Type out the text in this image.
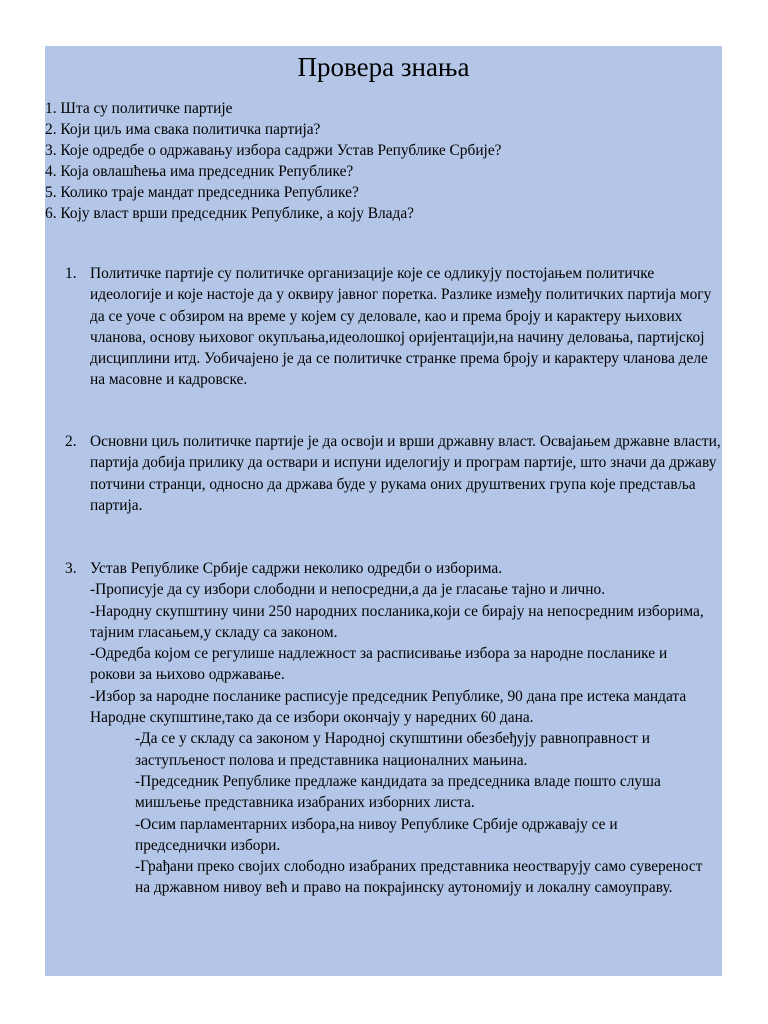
Провера знања
1. Шта су политичке партије
2. Који циљ има свака политичка партија?
3. Које одредбе о одржавању избора садржи Устав Републике Србије?
4. Која овлашћења има председник Републике?
5. Колико траје мандат председника Републике?
6. Коју власт врши председник Републике, а коју Влада?
1. Политичке партије су политичке организације које се одликују постојањем политичке идеологије и које настоје да у оквиру јавног поретка. Разлике између политичких партија могу да се уоче с обзиром на време у којем су деловале, као и према броју и карактеру њихових чланова, основу њиховог окупљања,идеолошкој оријентацији,на начину деловања, партијској дисциплини итд. Уобичајено је да се политичке странке према броју и карактеру чланова деле на масовне и кадровске.

2. Основни циљ политичке партије је да освоји и врши државну власт. Освајањем државне власти, партија добија прилику да оствари и испуни иделогију и програм партије, што значи да државу потчини странци, односно да држава буде у рукама оних друштвених група које представља партија.

3. Устав Републике Србије садржи неколико одредби о изборима.

-Прописује да су избори слободни и непосредни,а да је гласање тајно и лично.

-Народну скупштину чини 250 народних посланика,који се бирају на непосредним изборима, тајним гласањем,у складу са законом.

-Одредба којом се регулише надлежност за расписивање избора за народне посланике и рокови за њихово одржавање.

-Избор за народне посланике расписује председник Републике, 90 дана пре истека мандата Народне скупштине,тако да се избори окончају у наредних 60 дана.

-Да се у складу са законом у Народној скупштини обезбеђују равноправност и заступљеност полова и представника националних мањина.

-Председник Републике предлаже кандидата за председника владе пошто слуша мишљење представника изабраних изборних листа.

-Осим парламентарних избора,на нивоу Републике Србије одржавају се и председнички избори.

-Грађани преко својих слободно изабраних представника неостварују само сувереност на државном нивоу већ и право на покрајинску аутономију и локалну самоуправу.
